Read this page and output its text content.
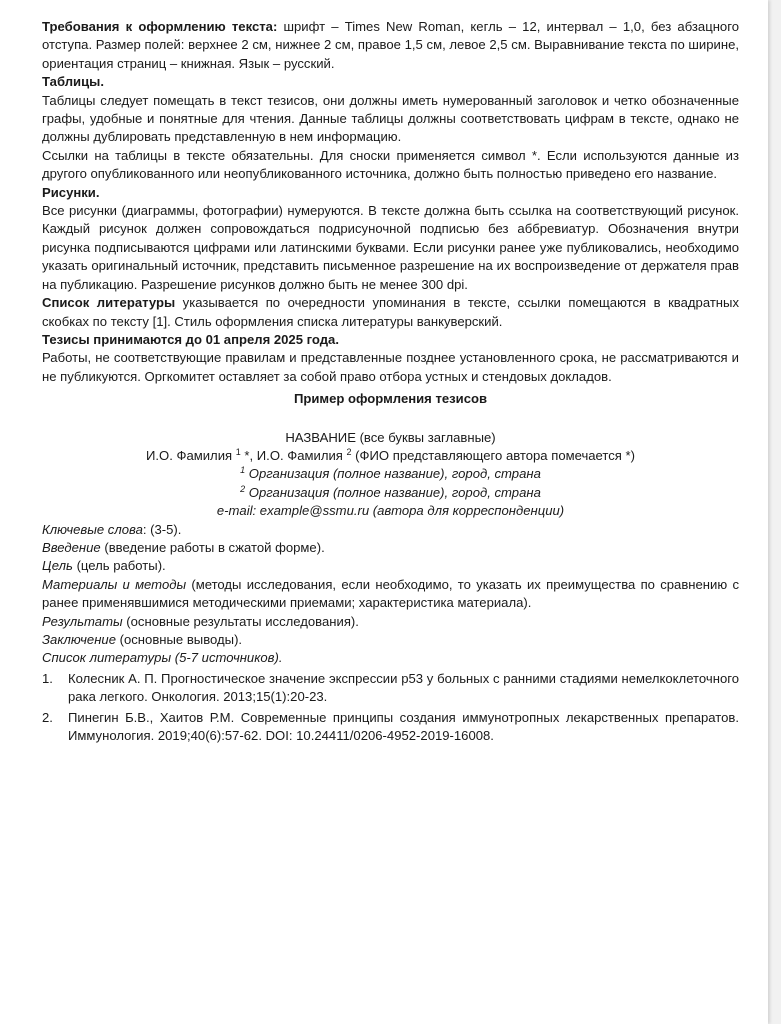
Требования к оформлению текста: шрифт – Times New Roman, кегль – 12, интервал – 1,0, без абзацного отступа. Размер полей: верхнее 2 см, нижнее 2 см, правое 1,5 см, левое 2,5 см. Выравнивание текста по ширине, ориентация страниц – книжная. Язык – русский.

Таблицы.

Таблицы следует помещать в текст тезисов, они должны иметь нумерованный заголовок и четко обозначенные графы, удобные и понятные для чтения. Данные таблицы должны соответствовать цифрам в тексте, однако не должны дублировать представленную в нем информацию.

Ссылки на таблицы в тексте обязательны. Для сноски применяется символ *. Если используются данные из другого опубликованного или неопубликованного источника, должно быть полностью приведено его название.

Рисунки.

Все рисунки (диаграммы, фотографии) нумеруются. В тексте должна быть ссылка на соответствующий рисунок. Каждый рисунок должен сопровождаться подрисуночной подписью без аббревиатур. Обозначения внутри рисунка подписываются цифрами или латинскими буквами. Если рисунки ранее уже публиковались, необходимо указать оригинальный источник, представить письменное разрешение на их воспроизведение от держателя прав на публикацию. Разрешение рисунков должно быть не менее 300 dpi.

Список литературы указывается по очередности упоминания в тексте, ссылки помещаются в квадратных скобках по тексту [1]. Стиль оформления списка литературы ванкуверский.

Тезисы принимаются до 01 апреля 2025 года.

Работы, не соответствующие правилам и представленные позднее установленного срока, не рассматриваются и не публикуются. Оргкомитет оставляет за собой право отбора устных и стендовых докладов.

Пример оформления тезисов

НАЗВАНИЕ (все буквы заглавные)

И.О. Фамилия $^1$ *, И.О. Фамилия $^2$ (ФИО представляющего автора помечается *)

$^1$ Организация (полное название), город, страна

$^2$ Организация (полное название), город, страна

e-mail: example@ssmu.ru (автора для корреспонденции)

Ключевые слова: (3-5).

Введение (введение работы в сжатой форме).

Цель (цель работы).

Материалы и методы (методы исследования, если необходимо, то указать их преимущества по сравнению с ранее применявшимися методическими приемами; характеристика материала).

Результаты (основные результаты исследования).

Заключение (основные выводы).

Список литературы (5-7 источников).

1.	Колесник А. П. Прогностическое значение экспрессии p53 у больных с ранними стадиями немелкоклеточного рака легкого. Онкология. 2013;15(1):20-23.
2.	Пинегин Б.В., Хаитов Р.М. Современные принципы создания иммунотропных лекарственных препаратов. Иммунология. 2019;40(6):57-62. DOI: 10.24411/0206-4952-2019-16008.
